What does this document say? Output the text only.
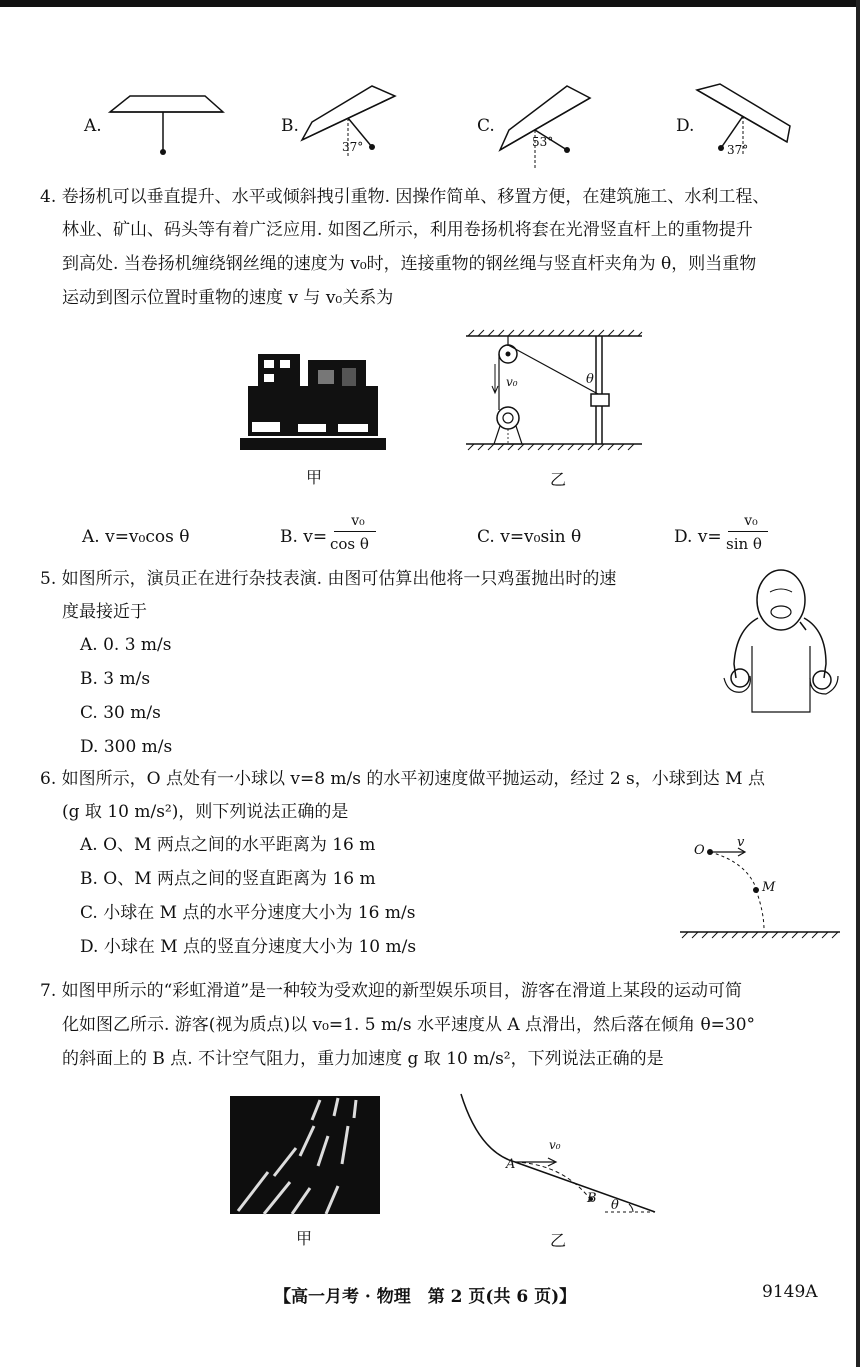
A.	B.
37°
C.
53°
D.
37°
4. 卷扬机可以垂直提升、水平或倾斜拽引重物. 因操作简单、移置方便，在建筑施工、水利工程、
林业、矿山、码头等有着广泛应用. 如图乙所示，利用卷扬机将套在光滑竖直杆上的重物提升
到高处. 当卷扬机缠绕钢丝绳的速度为 v₀时，连接重物的钢丝绳与竖直杆夹角为 θ，则当重物
运动到图示位置时重物的速度 v 与 v₀关系为
甲
v₀	θ
乙
A. v=v₀cos θ	B. v=
v₀
cos θ	C. v=v₀sin θ	D. v=
v₀
sin θ
5. 如图所示，演员正在进行杂技表演. 由图可估算出他将一只鸡蛋抛出时的速
度最接近于
A. 0. 3 m/s
B. 3 m/s
C. 30 m/s
D. 300 m/s
6. 如图所示，O 点处有一小球以 v=8 m/s 的水平初速度做平抛运动，经过 2 s，小球到达 M 点
(g 取 10 m/s²)，则下列说法正确的是
A. O、M 两点之间的水平距离为 16 m
B. O、M 两点之间的竖直距离为 16 m
C. 小球在 M 点的水平分速度大小为 16 m/s
D. 小球在 M 点的竖直分速度大小为 10 m/s
O
v
M
7. 如图甲所示的“彩虹滑道”是一种较为受欢迎的新型娱乐项目，游客在滑道上某段的运动可简
化如图乙所示. 游客(视为质点)以 v₀=1. 5 m/s 水平速度从 A 点滑出，然后落在倾角 θ=30°
的斜面上的 B 点. 不计空气阻力，重力加速度 g 取 10 m/s²，下列说法正确的是
甲
A
B
v₀
θ
乙
【高一月考 · 物理　第 2 页(共 6 页)】	9149A
